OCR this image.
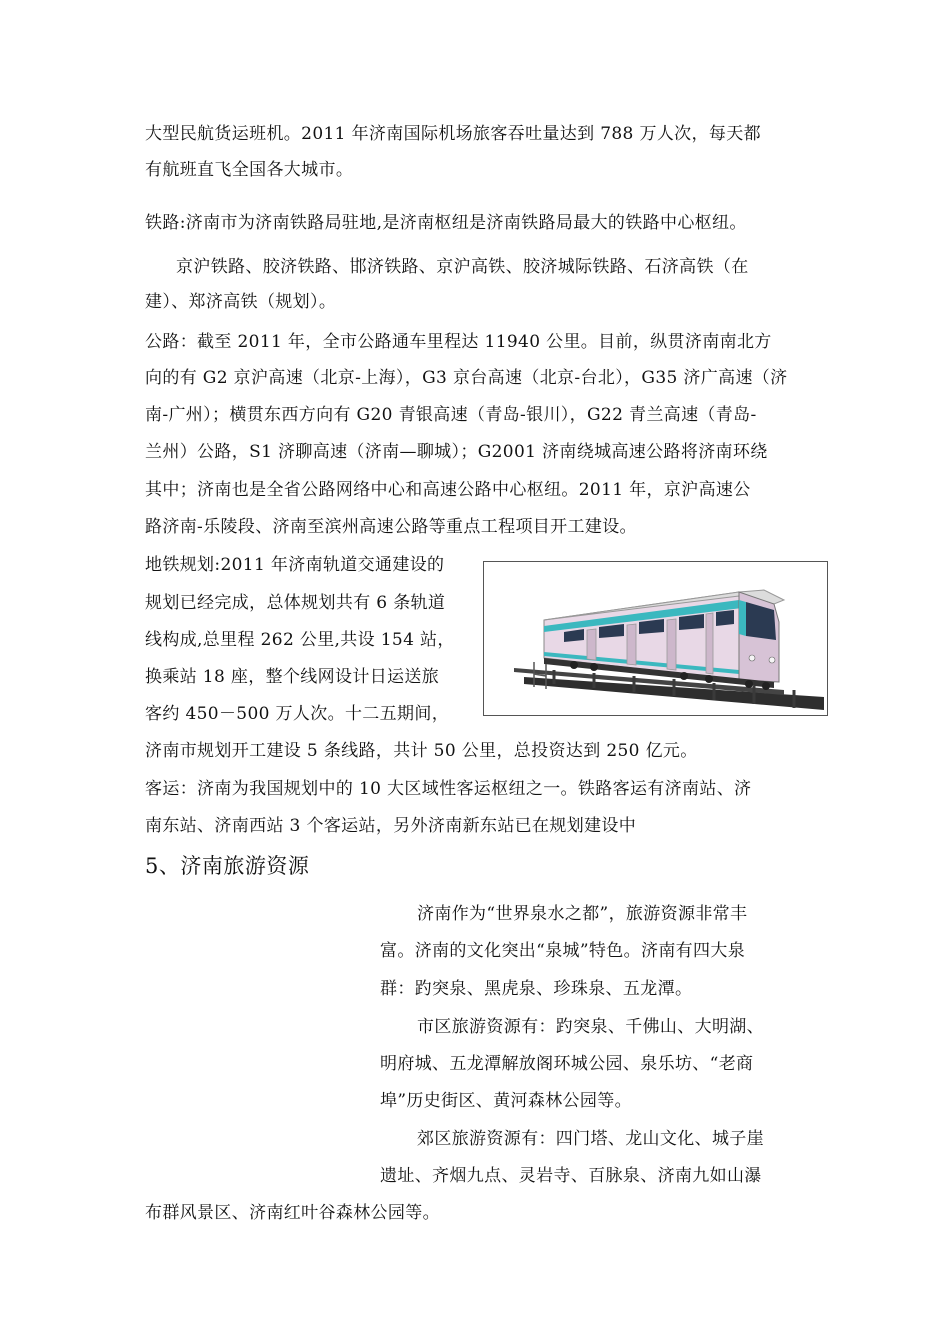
大型民航货运班机。2011 年济南国际机场旅客吞吐量达到 788 万人次，每天都
有航班直飞全国各大城市。
铁路:济南市为济南铁路局驻地,是济南枢纽是济南铁路局最大的铁路中心枢纽。
京沪铁路、胶济铁路、邯济铁路、京沪高铁、胶济城际铁路、石济高铁（在
建）、郑济高铁（规划）。
公路：截至 2011 年，全市公路通车里程达 11940 公里。目前，纵贯济南南北方
向的有 G2 京沪高速（北京-上海），G3 京台高速（北京-台北），G35 济广高速（济
南-广州）；横贯东西方向有 G20 青银高速（青岛-银川），G22 青兰高速（青岛-
兰州）公路，S1 济聊高速（济南—聊城）；G2001 济南绕城高速公路将济南环绕
其中；济南也是全省公路网络中心和高速公路中心枢纽。2011 年，京沪高速公
路济南-乐陵段、济南至滨州高速公路等重点工程项目开工建设。
地铁规划:2011 年济南轨道交通建设的
规划已经完成，总体规划共有 6 条轨道
线构成,总里程 262 公里,共设 154 站，
换乘站 18 座，整个线网设计日运送旅
客约 450－500 万人次。十二五期间，
济南市规划开工建设 5 条线路，共计 50 公里，总投资达到 250 亿元。
客运：济南为我国规划中的 10 大区域性客运枢纽之一。铁路客运有济南站、济
南东站、济南西站 3 个客运站，另外济南新东站已在规划建设中
5、济南旅游资源
济南作为“世界泉水之都”，旅游资源非常丰
富。济南的文化突出“泉城”特色。济南有四大泉
群：趵突泉、黑虎泉、珍珠泉、五龙潭。
市区旅游资源有：趵突泉、千佛山、大明湖、
明府城、五龙潭解放阁环城公园、泉乐坊、“老商
埠”历史街区、黄河森林公园等。
郊区旅游资源有：四门塔、龙山文化、城子崖
遗址、齐烟九点、灵岩寺、百脉泉、济南九如山瀑
布群风景区、济南红叶谷森林公园等。
